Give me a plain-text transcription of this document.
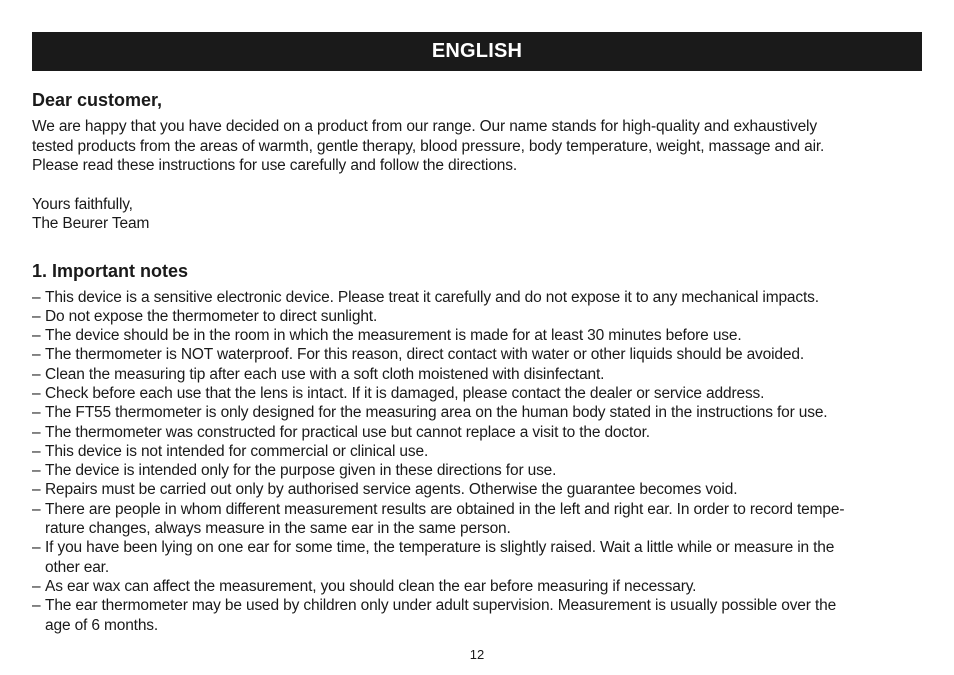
ENGLISH

Dear customer,

We are happy that you have decided on a product from our range. Our name stands for high-quality and exhaustively
tested products from the areas of warmth, gentle therapy, blood pressure, body temperature, weight, massage and air.
Please read these instructions for use carefully and follow the directions.

Yours faithfully,
The Beurer Team

1. Important notes

– This device is a sensitive electronic device. Please treat it carefully and do not expose it to any mechanical impacts.
– Do not expose the thermometer to direct sunlight.
– The device should be in the room in which the measurement is made for at least 30 minutes before use.
– The thermometer is NOT waterproof. For this reason, direct contact with water or other liquids should be avoided.
– Clean the measuring tip after each use with a soft cloth moistened with disinfectant.
– Check before each use that the lens is intact. If it is damaged, please contact the dealer or service address.
– The FT55 thermometer is only designed for the measuring area on the human body stated in the instructions for use.
– The thermometer was constructed for practical use but cannot replace a visit to the doctor.
– This device is not intended for commercial or clinical use.
– The device is intended only for the purpose given in these directions for use.
– Repairs must be carried out only by authorised service agents. Otherwise the guarantee becomes void.
– There are people in whom different measurement results are obtained in the left and right ear. In order to record tempe-
rature changes, always measure in the same ear in the same person.
– If you have been lying on one ear for some time, the temperature is slightly raised. Wait a little while or measure in the
other ear.
– As ear wax can affect the measurement, you should clean the ear before measuring if necessary.
– The ear thermometer may be used by children only under adult supervision. Measurement is usually possible over the
age of 6 months.
12
